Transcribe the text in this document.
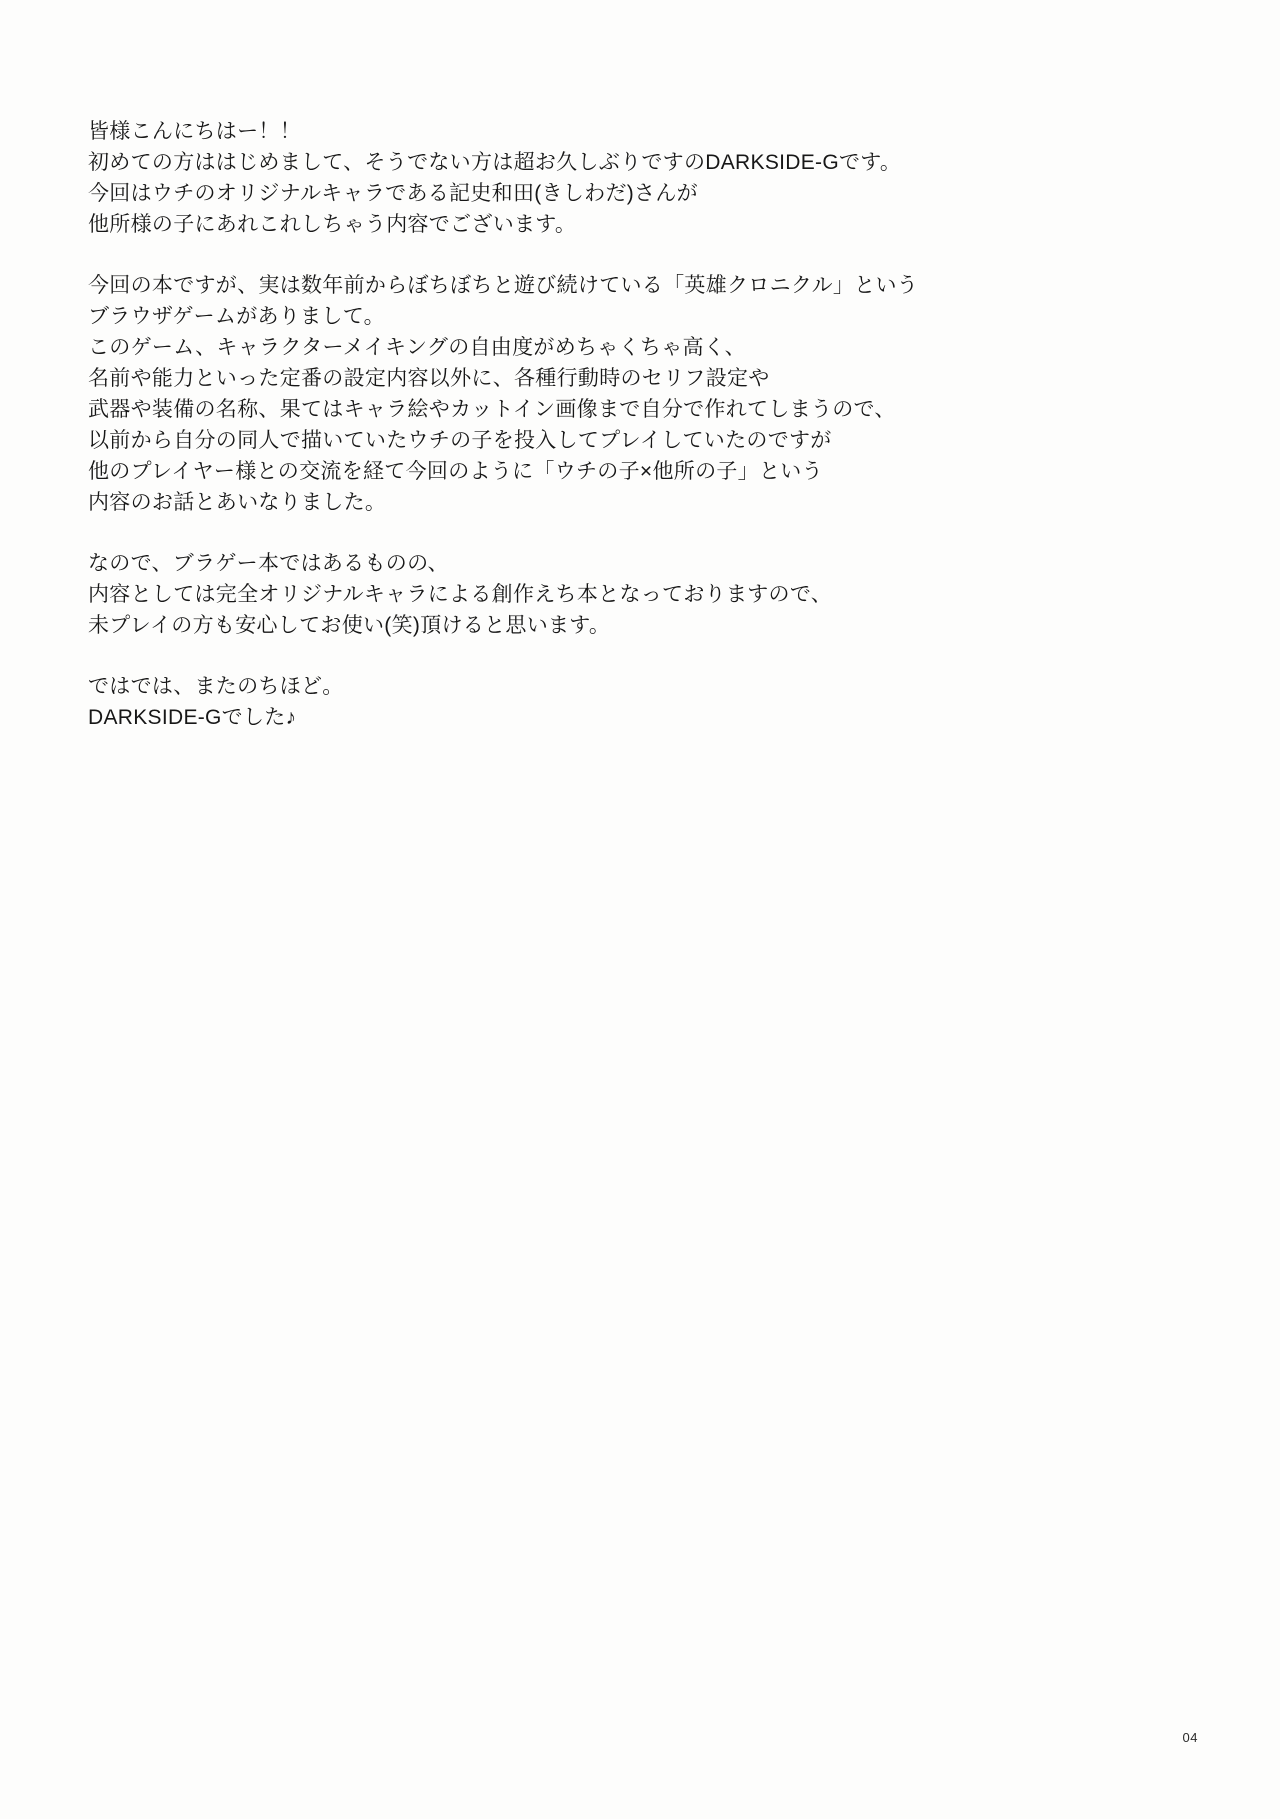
皆様こんにちはー！！
初めての方ははじめまして、そうでない方は超お久しぶりですのDARKSIDE-Gです。
今回はウチのオリジナルキャラである記史和田(きしわだ)さんが
他所様の子にあれこれしちゃう内容でございます。
今回の本ですが、実は数年前からぼちぼちと遊び続けている「英雄クロニクル」という
ブラウザゲームがありまして。
このゲーム、キャラクターメイキングの自由度がめちゃくちゃ高く、
名前や能力といった定番の設定内容以外に、各種行動時のセリフ設定や
武器や装備の名称、果てはキャラ絵やカットイン画像まで自分で作れてしまうので、
以前から自分の同人で描いていたウチの子を投入してプレイしていたのですが
他のプレイヤー様との交流を経て今回のように「ウチの子×他所の子」という
内容のお話とあいなりました。
なので、ブラゲー本ではあるものの、
内容としては完全オリジナルキャラによる創作えち本となっておりますので、
未プレイの方も安心してお使い(笑)頂けると思います。
ではでは、またのちほど。
DARKSIDE-Gでした♪
04
